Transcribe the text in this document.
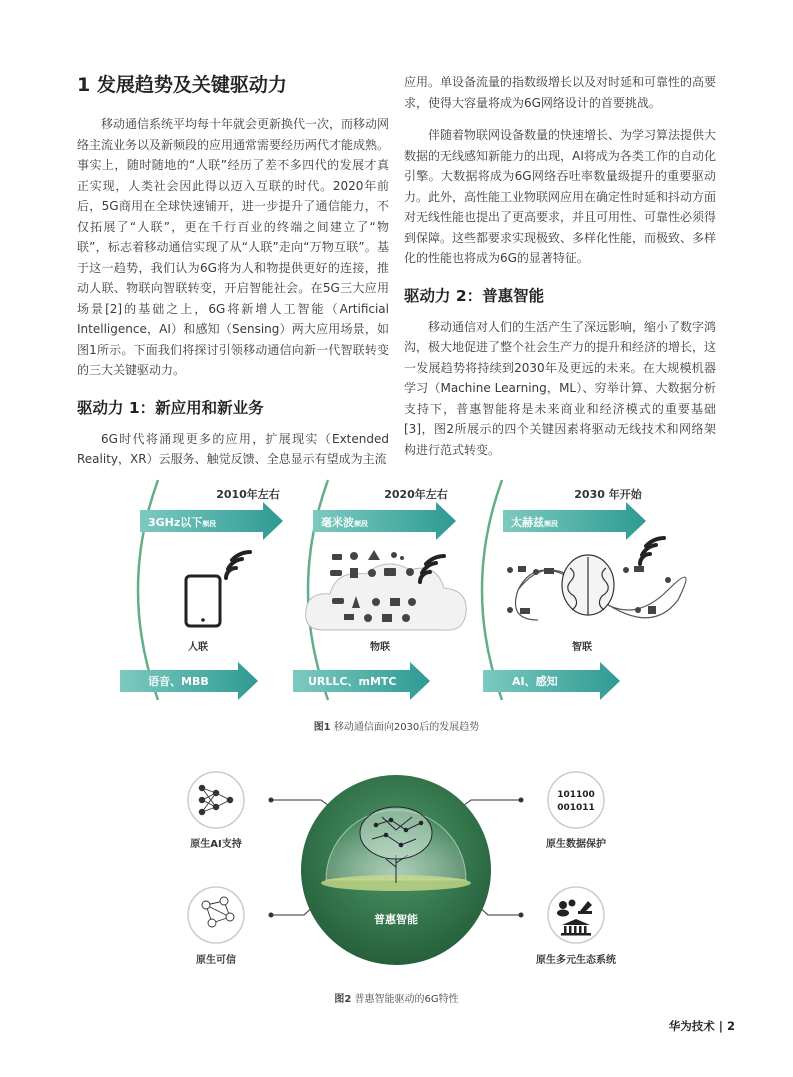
1 发展趋势及关键驱动力

移动通信系统平均每十年就会更新换代一次，而移动网络主流业务以及新频段的应用通常需要经历两代才能成熟。事实上，随时随地的“人联”经历了差不多四代的发展才真正实现，人类社会因此得以迈入互联的时代。2020年前后，5G商用在全球快速铺开，进一步提升了通信能力，不仅拓展了“人联”，更在千行百业的终端之间建立了“物联”，标志着移动通信实现了从“人联”走向“万物互联”。基于这一趋势，我们认为6G将为人和物提供更好的连接，推动人联、物联向智联转变，开启智能社会。在5G三大应用场景[2]的基础之上，6G将新增人工智能（Artificial Intelligence，AI）和感知（Sensing）两大应用场景，如图1所示。下面我们将探讨引领移动通信向新一代智联转变的三大关键驱动力。

驱动力 1：新应用和新业务

6G时代将涌现更多的应用，扩展现实（Extended Reality，XR）云服务、触觉反馈、全息显示有望成为主流

应用。单设备流量的指数级增长以及对时延和可靠性的高要求，使得大容量将成为6G网络设计的首要挑战。

伴随着物联网设备数量的快速增长、为学习算法提供大数据的无线感知新能力的出现，AI将成为各类工作的自动化引擎。大数据将成为6G网络吞吐率数量级提升的重要驱动力。此外，高性能工业物联网应用在确定性时延和抖动方面对无线性能也提出了更高要求，并且可用性、可靠性必须得到保障。这些都要求实现极致、多样化性能，而极致、多样化的性能也将成为6G的显著特征。

驱动力 2：普惠智能

移动通信对人们的生活产生了深远影响，缩小了数字鸿沟，极大地促进了整个社会生产力的提升和经济的增长，这一发展趋势将持续到2030年及更远的未来。在大规模机器学习（Machine Learning，ML）、穷举计算、大数据分析支持下，普惠智能将是未来商业和经济模式的重要基础[3]，图2所展示的四个关键因素将驱动无线技术和网络架构进行范式转变。

2010年左右
3GHz以下频段
人联
语音、MBB
2020年左右
毫米波频段
物联
URLLC、mMTC
2030 年开始
太赫兹频段
智联
AI、感知
图1 移动通信面向2030后的发展趋势
普惠智能
原生AI支持
原生可信
101100
001011
原生数据保护
原生多元生态系统
图2 普惠智能驱动的6G特性
华为技术 | 2
